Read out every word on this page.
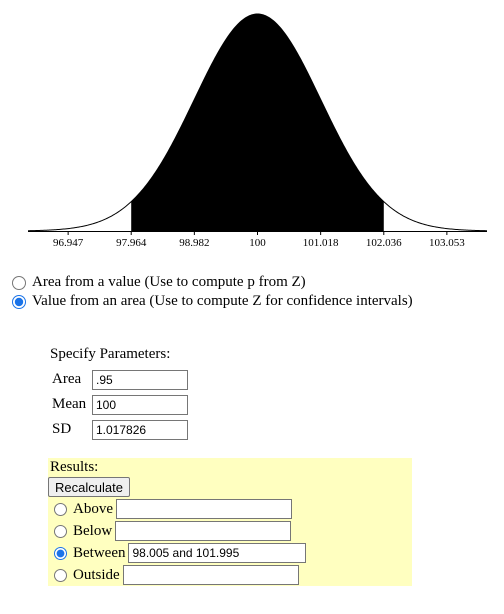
96.947	97.964	98.982	100	101.018 102.036 103.053
Area from a value (Use to compute p from Z)
Value from an area (Use to compute Z for confidence intervals)
Specify Parameters:
Area
.95
Mean
100
SD
1.017826
Results:
Recalculate
Above
Below
Between
98.005 and 101.995
Outside
